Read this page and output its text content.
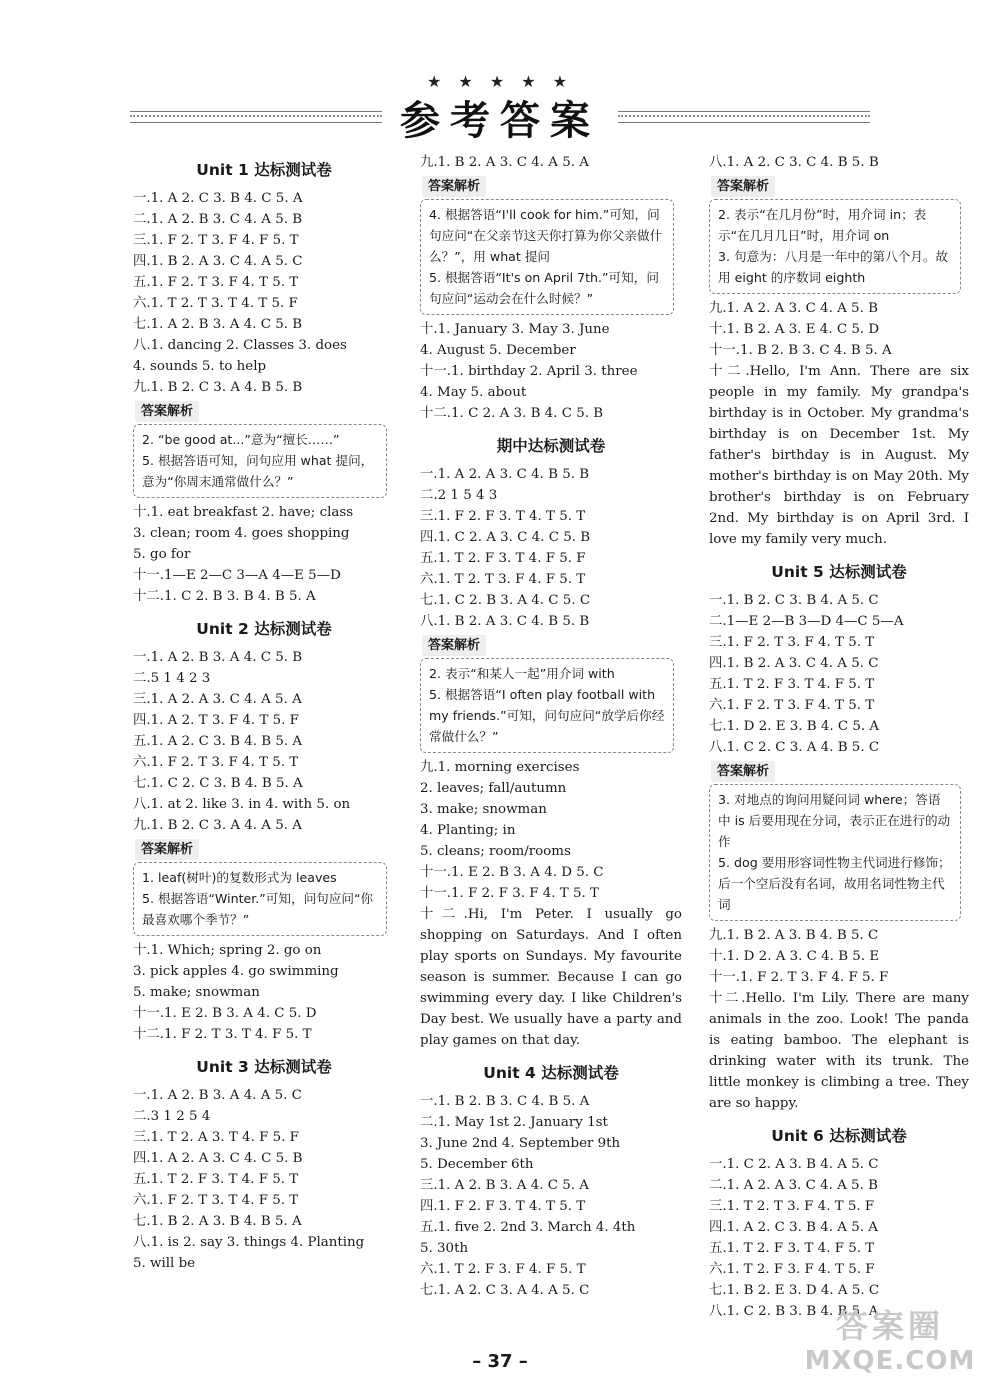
★ ★ ★ ★ ★
参考答案
Unit 1 达标测试卷
一.1. A 2. C 3. B 4. C 5. A
二.1. A 2. B 3. C 4. A 5. B
三.1. F 2. T 3. F 4. F 5. T
四.1. B 2. A 3. C 4. A 5. C
五.1. F 2. T 3. F 4. T 5. T
六.1. T 2. T 3. T 4. T 5. F
七.1. A 2. B 3. A 4. C 5. B
八.1. dancing 2. Classes 3. does
4. sounds 5. to help
九.1. B 2. C 3. A 4. B 5. B
答案解析
2. “be good at...”意为“擅长……”
5. 根据答语可知，问句应用 what 提问，意为“你周末通常做什么？”
十.1. eat breakfast 2. have; class
3. clean; room 4. goes shopping
5. go for
十一.1—E 2—C 3—A 4—E 5—D
十二.1. C 2. B 3. B 4. B 5. A
Unit 2 达标测试卷
一.1. A 2. B 3. A 4. C 5. B
二.5 1 4 2 3
三.1. A 2. A 3. C 4. A 5. A
四.1. A 2. T 3. F 4. T 5. F
五.1. A 2. C 3. B 4. B 5. A
六.1. F 2. T 3. F 4. T 5. T
七.1. C 2. C 3. B 4. B 5. A
八.1. at 2. like 3. in 4. with 5. on
九.1. B 2. C 3. A 4. A 5. A
答案解析
1. leaf(树叶)的复数形式为 leaves
5. 根据答语“Winter.”可知，问句应问“你最喜欢哪个季节？”
十.1. Which; spring 2. go on
3. pick apples 4. go swimming
5. make; snowman
十一.1. E 2. B 3. A 4. C 5. D
十二.1. F 2. T 3. T 4. F 5. T
Unit 3 达标测试卷
一.1. A 2. B 3. A 4. A 5. C
二.3 1 2 5 4
三.1. T 2. A 3. T 4. F 5. F
四.1. A 2. A 3. C 4. C 5. B
五.1. T 2. F 3. T 4. F 5. T
六.1. F 2. T 3. T 4. F 5. T
七.1. B 2. A 3. B 4. B 5. A
八.1. is 2. say 3. things 4. Planting
5. will be
九.1. B 2. A 3. C 4. A 5. A
答案解析
4. 根据答语“I'll cook for him.”可知，问句应问“在父亲节这天你打算为你父亲做什么？”，用 what 提问
5. 根据答语“It's on April 7th.”可知，问句应问“运动会在什么时候？”
十.1. January 3. May 3. June
4. August 5. December
十一.1. birthday 2. April 3. three
4. May 5. about
十二.1. C 2. A 3. B 4. C 5. B
期中达标测试卷
一.1. A 2. A 3. C 4. B 5. B
二.2 1 5 4 3
三.1. F 2. F 3. T 4. T 5. T
四.1. C 2. A 3. C 4. C 5. B
五.1. T 2. F 3. T 4. F 5. F
六.1. T 2. T 3. F 4. F 5. T
七.1. C 2. B 3. A 4. C 5. C
八.1. B 2. A 3. C 4. B 5. B
答案解析
2. 表示“和某人一起”用介词 with
5. 根据答语“I often play football with my friends.”可知，问句应问“放学后你经常做什么？”
九.1. morning exercises
2. leaves; fall/autumn
3. make; snowman
4. Planting; in
5. cleans; room/rooms
十一.1. E 2. B 3. A 4. D 5. C
十一.1. F 2. F 3. F 4. T 5. T
十二.Hi, I'm Peter. I usually go shopping on Saturdays. And I often play sports on Sundays. My favourite season is summer. Because I can go swimming every day. I like Children's Day best. We usually have a party and play games on that day.
Unit 4 达标测试卷
一.1. B 2. B 3. C 4. B 5. A
二.1. May 1st 2. January 1st
3. June 2nd 4. September 9th
5. December 6th
三.1. A 2. B 3. A 4. C 5. A
四.1. F 2. F 3. T 4. T 5. T
五.1. five 2. 2nd 3. March 4. 4th
5. 30th
六.1. T 2. F 3. F 4. F 5. T
七.1. A 2. C 3. A 4. A 5. C
八.1. A 2. C 3. C 4. B 5. B
答案解析
2. 表示“在几月份”时，用介词 in；表示“在几月几日”时，用介词 on
3. 句意为：八月是一年中的第八个月。故用 eight 的序数词 eighth
九.1. A 2. A 3. C 4. A 5. B
十.1. B 2. A 3. E 4. C 5. D
十一.1. B 2. B 3. C 4. B 5. A
十二.Hello, I'm Ann. There are six people in my family. My grandpa's birthday is in October. My grandma's birthday is on December 1st. My father's birthday is in August. My mother's birthday is on May 20th. My brother's birthday is on February 2nd. My birthday is on April 3rd. I love my family very much.
Unit 5 达标测试卷
一.1. B 2. C 3. B 4. A 5. C
二.1—E 2—B 3—D 4—C 5—A
三.1. F 2. T 3. F 4. T 5. T
四.1. B 2. A 3. C 4. A 5. C
五.1. T 2. F 3. T 4. F 5. T
六.1. F 2. T 3. F 4. T 5. T
七.1. D 2. E 3. B 4. C 5. A
八.1. C 2. C 3. A 4. B 5. C
答案解析
3. 对地点的询问用疑问词 where；答语中 is 后要用现在分词，表示正在进行的动作
5. dog 要用形容词性物主代词进行修饰；后一个空后没有名词，故用名词性物主代词
九.1. B 2. A 3. B 4. B 5. C
十.1. D 2. A 3. C 4. B 5. E
十一.1. F 2. T 3. F 4. F 5. F
十二.Hello. I'm Lily. There are many animals in the zoo. Look! The panda is eating bamboo. The elephant is drinking water with its trunk. The little monkey is climbing a tree. They are so happy.
Unit 6 达标测试卷
一.1. C 2. A 3. B 4. A 5. C
二.1. A 2. A 3. C 4. A 5. B
三.1. T 2. T 3. F 4. T 5. F
四.1. A 2. C 3. B 4. A 5. A
五.1. T 2. F 3. T 4. F 5. T
六.1. T 2. F 3. F 4. T 5. F
七.1. B 2. E 3. D 4. A 5. C
八.1. C 2. B 3. B 4. B 5. A
– 37 –
答案圈
MXQE.COM
